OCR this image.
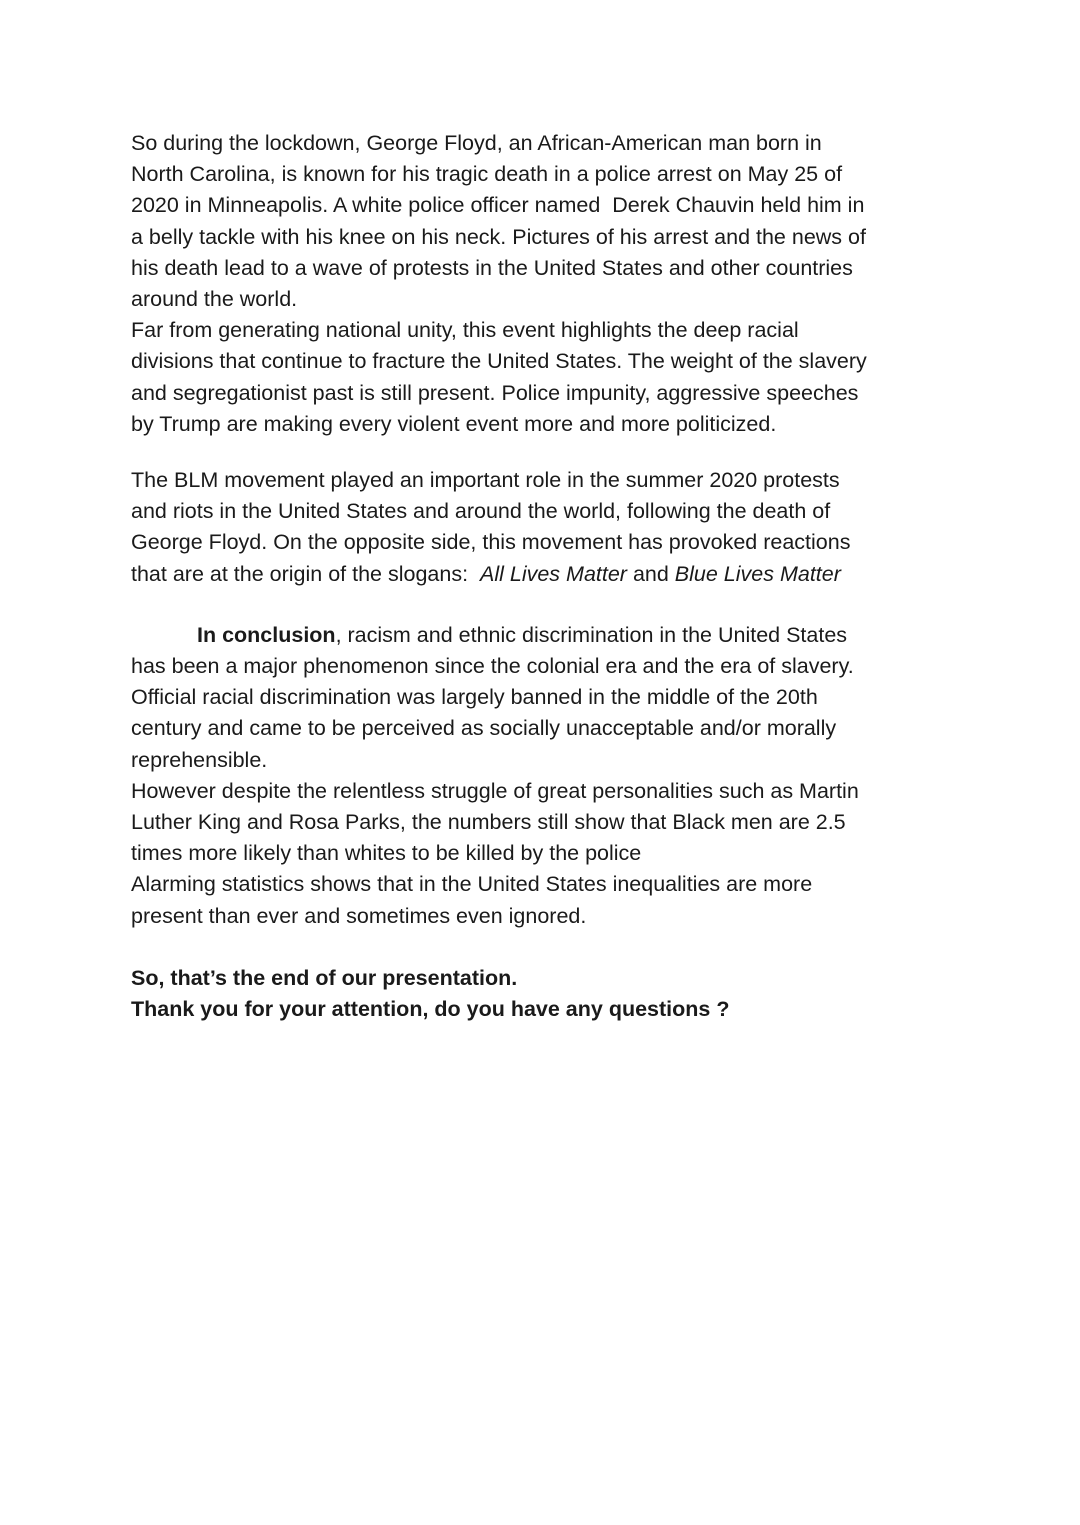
So during the lockdown, George Floyd, an African-American man born in
North Carolina, is known for his tragic death in a police arrest on May 25 of
2020 in Minneapolis. A white police officer named  Derek Chauvin held him in
a belly tackle with his knee on his neck. Pictures of his arrest and the news of
his death lead to a wave of protests in the United States and other countries
around the world.
Far from generating national unity, this event highlights the deep racial
divisions that continue to fracture the United States. The weight of the slavery
and segregationist past is still present. Police impunity, aggressive speeches
by Trump are making every violent event more and more politicized.
The BLM movement played an important role in the summer 2020 protests
and riots in the United States and around the world, following the death of
George Floyd. On the opposite side, this movement has provoked reactions
that are at the origin of the slogans:  All Lives Matter and Blue Lives Matter
In conclusion, racism and ethnic discrimination in the United States
has been a major phenomenon since the colonial era and the era of slavery.
Official racial discrimination was largely banned in the middle of the 20th
century and came to be perceived as socially unacceptable and/or morally
reprehensible.
However despite the relentless struggle of great personalities such as Martin
Luther King and Rosa Parks, the numbers still show that Black men are 2.5
times more likely than whites to be killed by the police
Alarming statistics shows that in the United States inequalities are more
present than ever and sometimes even ignored.
So, that’s the end of our presentation.
Thank you for your attention, do you have any questions ?
